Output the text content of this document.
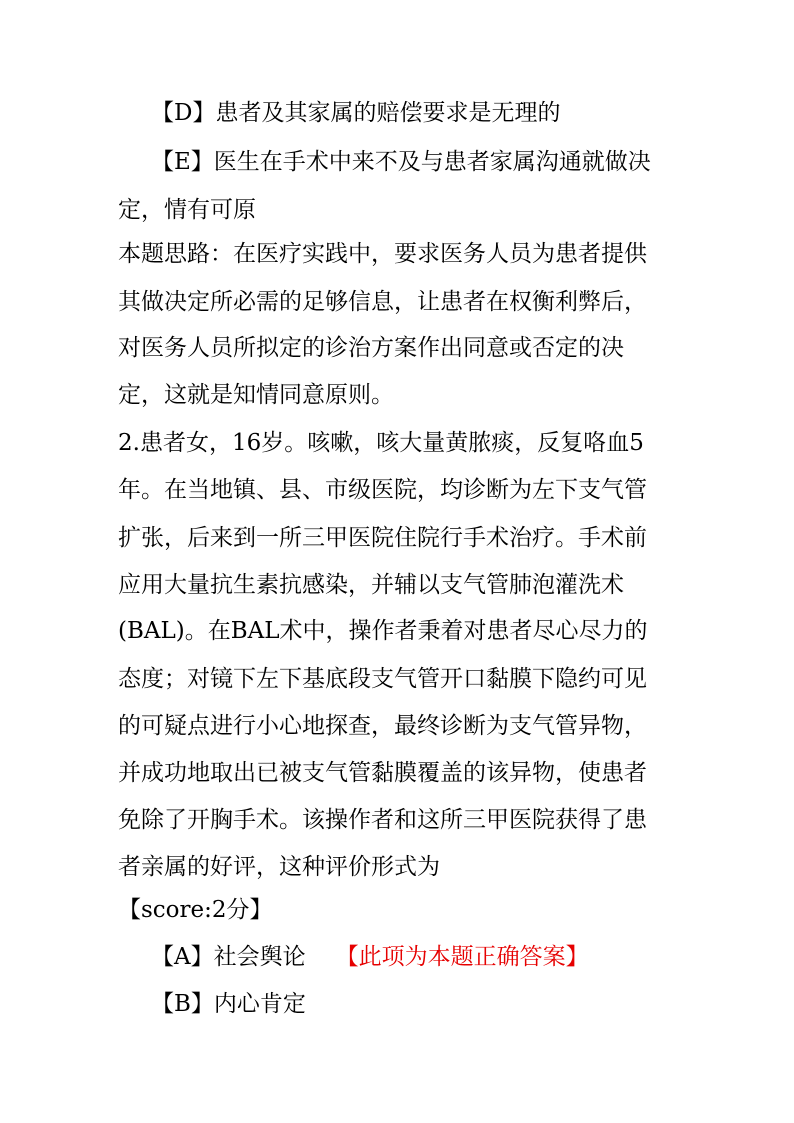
【D】患者及其家属的赔偿要求是无理的
【E】医生在手术中来不及与患者家属沟通就做决
定，情有可原
本题思路：在医疗实践中，要求医务人员为患者提供
其做决定所必需的足够信息，让患者在权衡利弊后，
对医务人员所拟定的诊治方案作出同意或否定的决
定，这就是知情同意原则。
2.患者女，16岁。咳嗽，咳大量黄脓痰，反复咯血5
年。在当地镇、县、市级医院，均诊断为左下支气管
扩张，后来到一所三甲医院住院行手术治疗。手术前
应用大量抗生素抗感染，并辅以支气管肺泡灌洗术
(BAL)。在BAL术中，操作者秉着对患者尽心尽力的
态度；对镜下左下基底段支气管开口黏膜下隐约可见
的可疑点进行小心地探查，最终诊断为支气管异物，
并成功地取出已被支气管黏膜覆盖的该异物，使患者
免除了开胸手术。该操作者和这所三甲医院获得了患
者亲属的好评，这种评价形式为
【score:2分】
【A】社会舆论 【此项为本题正确答案】
【B】内心肯定
